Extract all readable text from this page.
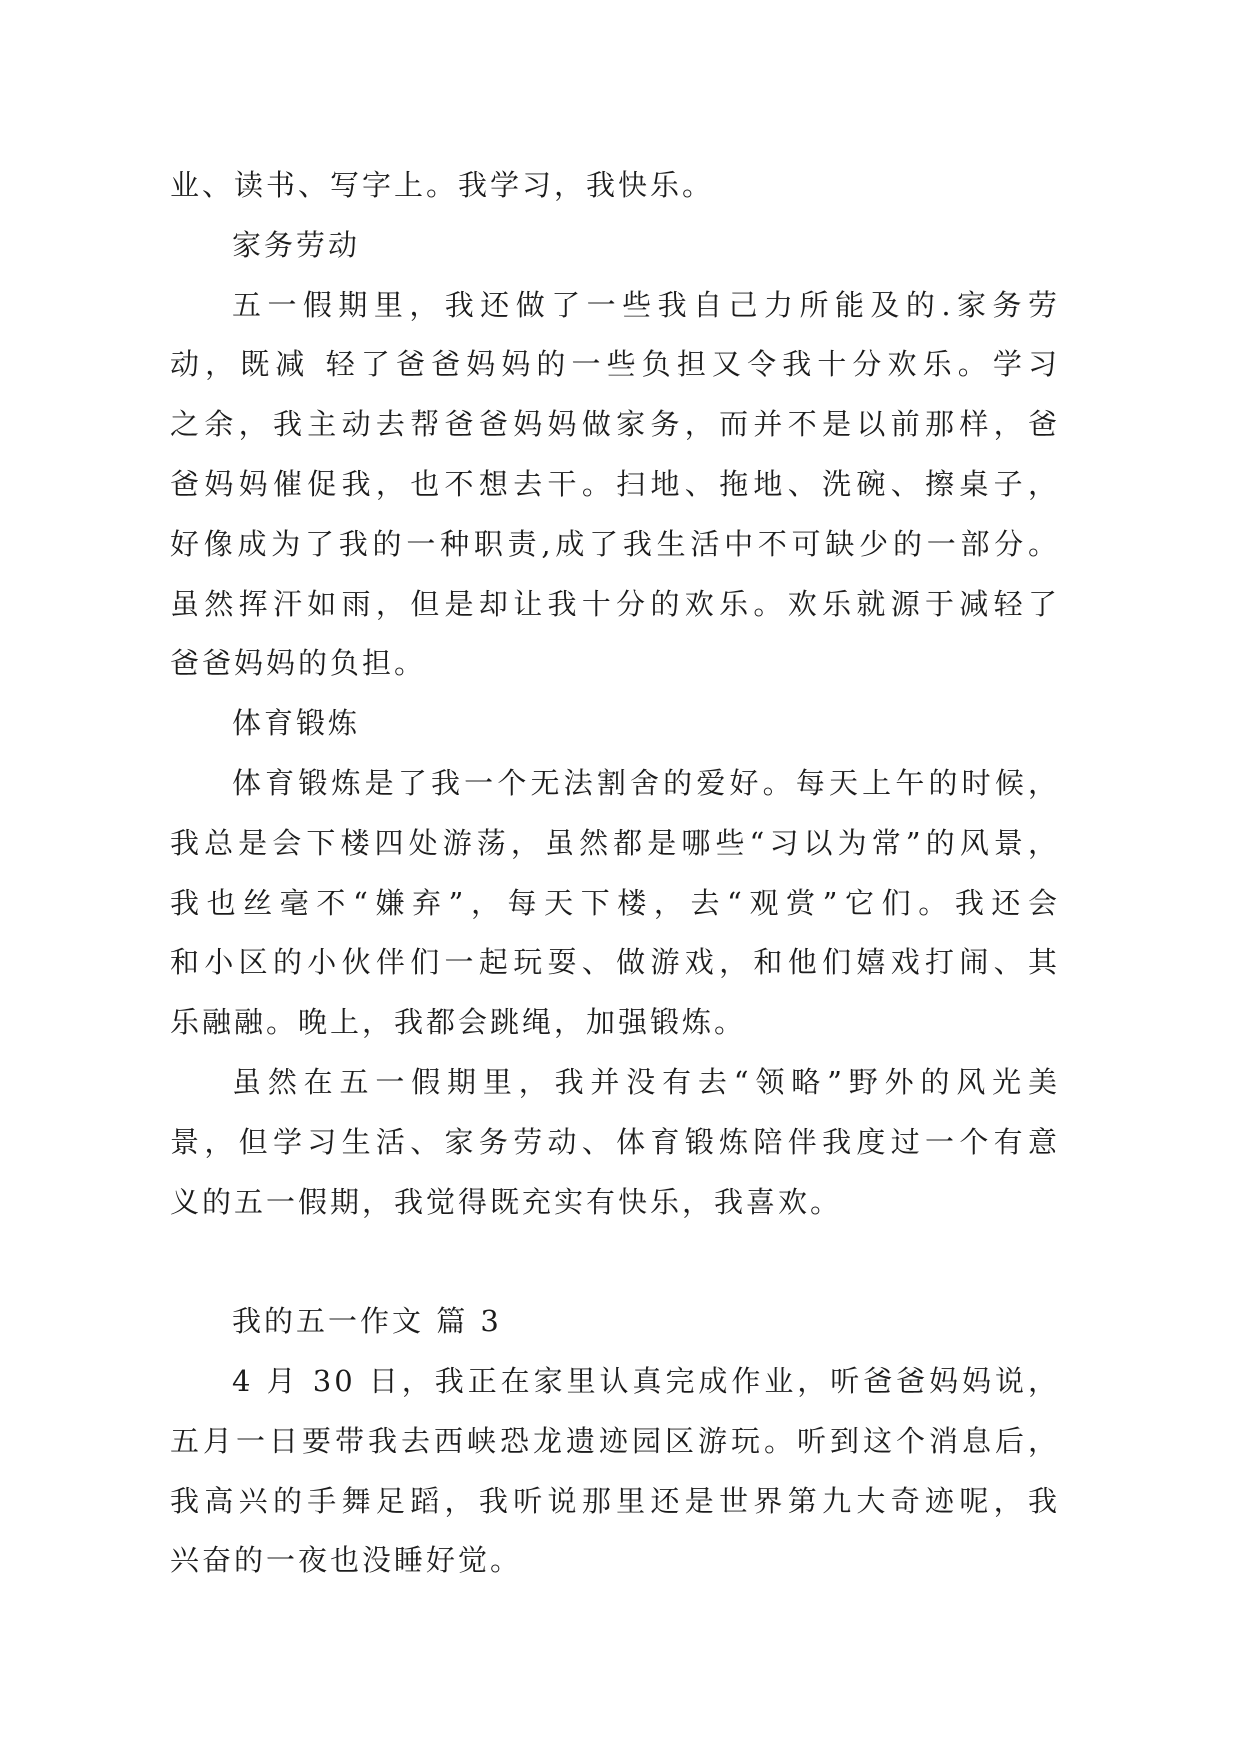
业、读书、写字上。我学习，我快乐。
家务劳动
五一假期里，我还做了一些我自己力所能及的.家务劳
动，既减 轻了爸爸妈妈的一些负担又令我十分欢乐。学习
之余，我主动去帮爸爸妈妈做家务，而并不是以前那样，爸
爸妈妈催促我，也不想去干。扫地、拖地、洗碗、擦桌子，
好像成为了我的一种职责,成了我生活中不可缺少的一部分。
虽然挥汗如雨，但是却让我十分的欢乐。欢乐就源于减轻了
爸爸妈妈的负担。
体育锻炼
体育锻炼是了我一个无法割舍的爱好。每天上午的时候，
我总是会下楼四处游荡，虽然都是哪些“习以为常”的风景，
我也丝毫不“嫌弃”，每天下楼，去“观赏”它们。我还会
和小区的小伙伴们一起玩耍、做游戏，和他们嬉戏打闹、其
乐融融。晚上，我都会跳绳，加强锻炼。
虽然在五一假期里，我并没有去“领略”野外的风光美
景，但学习生活、家务劳动、体育锻炼陪伴我度过一个有意
义的五一假期，我觉得既充实有快乐，我喜欢。
我的五一作文 篇 3
4 月 30 日，我正在家里认真完成作业，听爸爸妈妈说，
五月一日要带我去西峡恐龙遗迹园区游玩。听到这个消息后，
我高兴的手舞足蹈，我听说那里还是世界第九大奇迹呢，我
兴奋的一夜也没睡好觉。
